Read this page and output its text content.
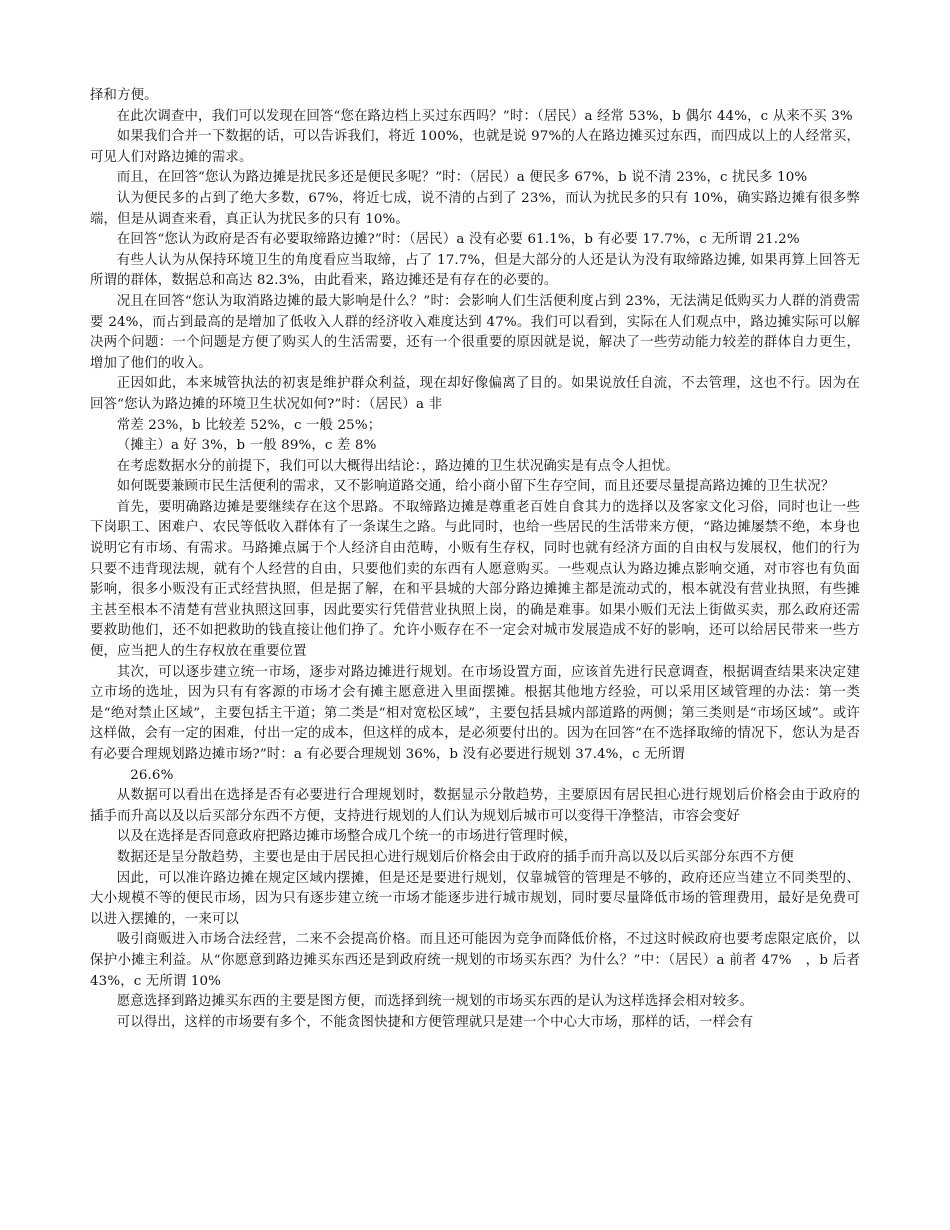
择和方便。

在此次调查中，我们可以发现在回答“您在路边档上买过东西吗？”时：（居民）a 经常 53%，b 偶尔 44%，c 从来不买 3%

如果我们合并一下数据的话，可以告诉我们，将近 100%，也就是说 97%的人在路边摊买过东西，而四成以上的人经常买，可见人们对路边摊的需求。

而且，在回答“您认为路边摊是扰民多还是便民多呢？”时：（居民）a 便民多 67%，b 说不清 23%，c 扰民多 10%

认为便民多的占到了绝大多数，67%，将近七成，说不清的占到了 23%，而认为扰民多的只有 10%，确实路边摊有很多弊端，但是从调查来看，真正认为扰民多的只有 10%。

在回答“您认为政府是否有必要取缔路边摊?”时：（居民）a 没有必要 61.1%，b 有必要 17.7%，c 无所谓 21.2%

有些人认为从保持环境卫生的角度看应当取缔，占了 17.7%，但是大部分的人还是认为没有取缔路边摊, 如果再算上回答无所谓的群体，数据总和高达 82.3%，由此看来，路边摊还是有存在的必要的。

况且在回答“您认为取消路边摊的最大影响是什么？”时：会影响人们生活便利度占到 23%，无法满足低购买力人群的消费需要 24%，而占到最高的是增加了低收入人群的经济收入难度达到 47%。我们可以看到，实际在人们观点中，路边摊实际可以解决两个问题：一个问题是方便了购买人的生活需要，还有一个很重要的原因就是说，解决了一些劳动能力较差的群体自力更生，增加了他们的收入。

正因如此，本来城管执法的初衷是维护群众利益，现在却好像偏离了目的。如果说放任自流，不去管理，这也不行。因为在回答“您认为路边摊的环境卫生状况如何?”时：（居民）a 非

常差 23%，b 比较差 52%，c 一般 25%；

（摊主）a 好 3%，b 一般 89%，c 差 8%

在考虑数据水分的前提下，我们可以大概得出结论：，路边摊的卫生状况确实是有点令人担忧。

如何既要兼顾市民生活便利的需求，又不影响道路交通，给小商小留下生存空间，而且还要尽量提高路边摊的卫生状况？

首先，要明确路边摊是要继续存在这个思路。不取缔路边摊是尊重老百姓自食其力的选择以及客家文化习俗，同时也让一些下岗职工、困难户、农民等低收入群体有了一条谋生之路。与此同时，也给一些居民的生活带来方便，“路边摊屡禁不绝，本身也说明它有市场、有需求。马路摊点属于个人经济自由范畴，小贩有生存权，同时也就有经济方面的自由权与发展权，他们的行为只要不违背现法规，就有个人经营的自由，只要他们卖的东西有人愿意购买。一些观点认为路边摊点影响交通，对市容也有负面影响，很多小贩没有正式经营执照，但是据了解，在和平县城的大部分路边摊摊主都是流动式的，根本就没有营业执照，有些摊主甚至根本不清楚有营业执照这回事，因此要实行凭借营业执照上岗，的确是难事。如果小贩们无法上街做买卖，那么政府还需要救助他们，还不如把救助的钱直接让他们挣了。允许小贩存在不一定会对城市发展造成不好的影响，还可以给居民带来一些方便，应当把人的生存权放在重要位置

其次，可以逐步建立统一市场，逐步对路边摊进行规划。在市场设置方面，应该首先进行民意调查，根据调查结果来决定建立市场的选址，因为只有有客源的市场才会有摊主愿意进入里面摆摊。根据其他地方经验，可以采用区域管理的办法：第一类是“绝对禁止区域”，主要包括主干道；第二类是“相对宽松区域”，主要包括县城内部道路的两侧；第三类则是“市场区域”。或许这样做，会有一定的困难，付出一定的成本，但这样的成本，是必须要付出的。因为在回答“在不选择取缔的情况下，您认为是否有必要合理规划路边摊市场?”时：a 有必要合理规划 36%，b 没有必要进行规划 37.4%，c 无所谓

26.6%

从数据可以看出在选择是否有必要进行合理规划时，数据显示分散趋势，主要原因有居民担心进行规划后价格会由于政府的插手而升高以及以后买部分东西不方便，支持进行规划的人们认为规划后城市可以变得干净整洁，市容会变好

以及在选择是否同意政府把路边摊市场整合成几个统一的市场进行管理时候，

数据还是呈分散趋势，主要也是由于居民担心进行规划后价格会由于政府的插手而升高以及以后买部分东西不方便

因此，可以准许路边摊在规定区域内摆摊，但是还是要进行规划，仅靠城管的管理是不够的，政府还应当建立不同类型的、大小规模不等的便民市场，因为只有逐步建立统一市场才能逐步进行城市规划，同时要尽量降低市场的管理费用，最好是免费可以进入摆摊的，一来可以

吸引商贩进入市场合法经营，二来不会提高价格。而且还可能因为竞争而降低价格，不过这时候政府也要考虑限定底价，以保护小摊主利益。从“你愿意到路边摊买东西还是到政府统一规划的市场买东西？为什么？”中：（居民）a 前者 47%　，b 后者 43%，c 无所谓 10%

愿意选择到路边摊买东西的主要是图方便，而选择到统一规划的市场买东西的是认为这样选择会相对较多。

可以得出，这样的市场要有多个，不能贪图快捷和方便管理就只是建一个中心大市场，那样的话，一样会有
